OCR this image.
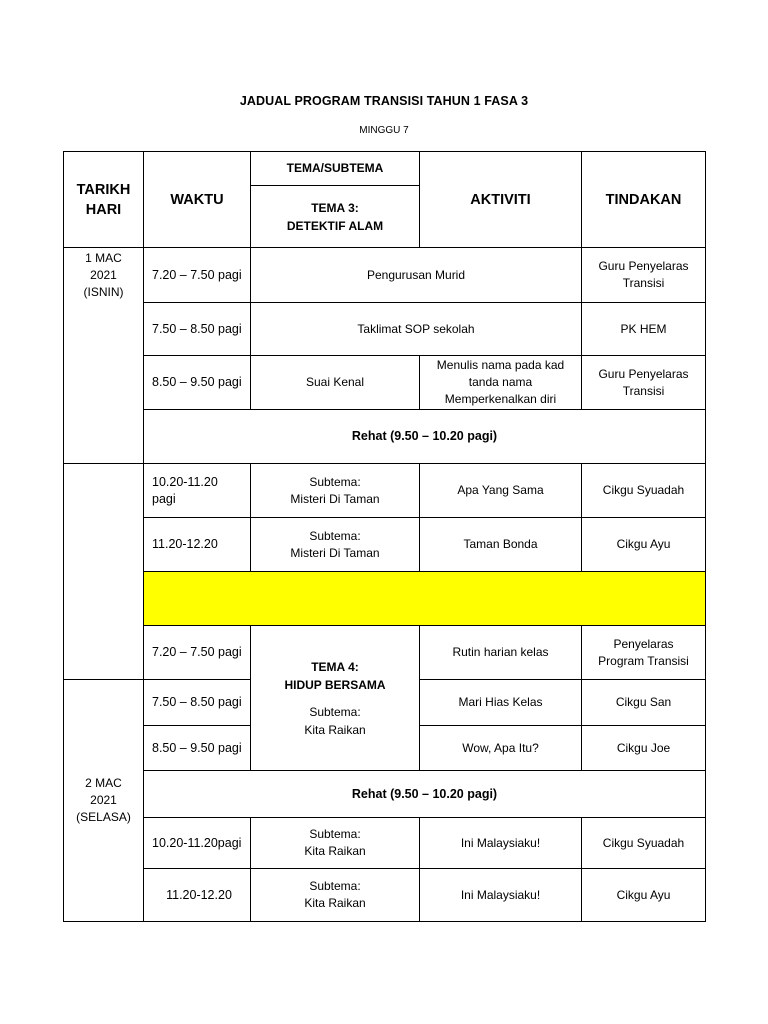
JADUAL PROGRAM TRANSISI TAHUN 1 FASA 3
MINGGU 7
TARIKH
HARI	WAKTU	TEMA/SUBTEMA	AKTIVITI	TINDAKAN

		TEMA 3:
DETEKTIF ALAM		

1 MAC
2021
(ISNIN)	7.20 – 7.50 pagi	Pengurusan Murid		Guru Penyelaras
Transisi

	7.50 – 8.50 pagi	Taklimat SOP sekolah		PK HEM
	8.50 – 9.50 pagi	Suai Kenal	Menulis nama pada kad
tanda nama
Memperkenalkan diri	Guru Penyelaras
Transisi

	Rehat (9.50 – 10.20 pagi)			

	10.20-11.20
pagi	Subtema:
Misteri Di Taman	Apa Yang Sama	Cikgu Syuadah
	11.20-12.20	Subtema:
Misteri Di Taman	Taman Bonda	Cikgu Ayu

	7.20 – 7.50 pagi	TEMA 4:
HIDUP BERSAMA
Subtema:
Kita Raikan	Rutin harian kelas	Penyelaras
Program Transisi

2 MAC
2021
(SELASA)	7.50 – 8.50 pagi		Mari Hias Kelas	Cikgu San
	8.50 – 9.50 pagi		Wow, Apa Itu?	Cikgu Joe
	Rehat (9.50 – 10.20 pagi)			
	10.20-11.20pagi	Subtema:
Kita Raikan	Ini Malaysiaku!	Cikgu Syuadah
	11.20-12.20	Subtema:
Kita Raikan	Ini Malaysiaku!	Cikgu Ayu
